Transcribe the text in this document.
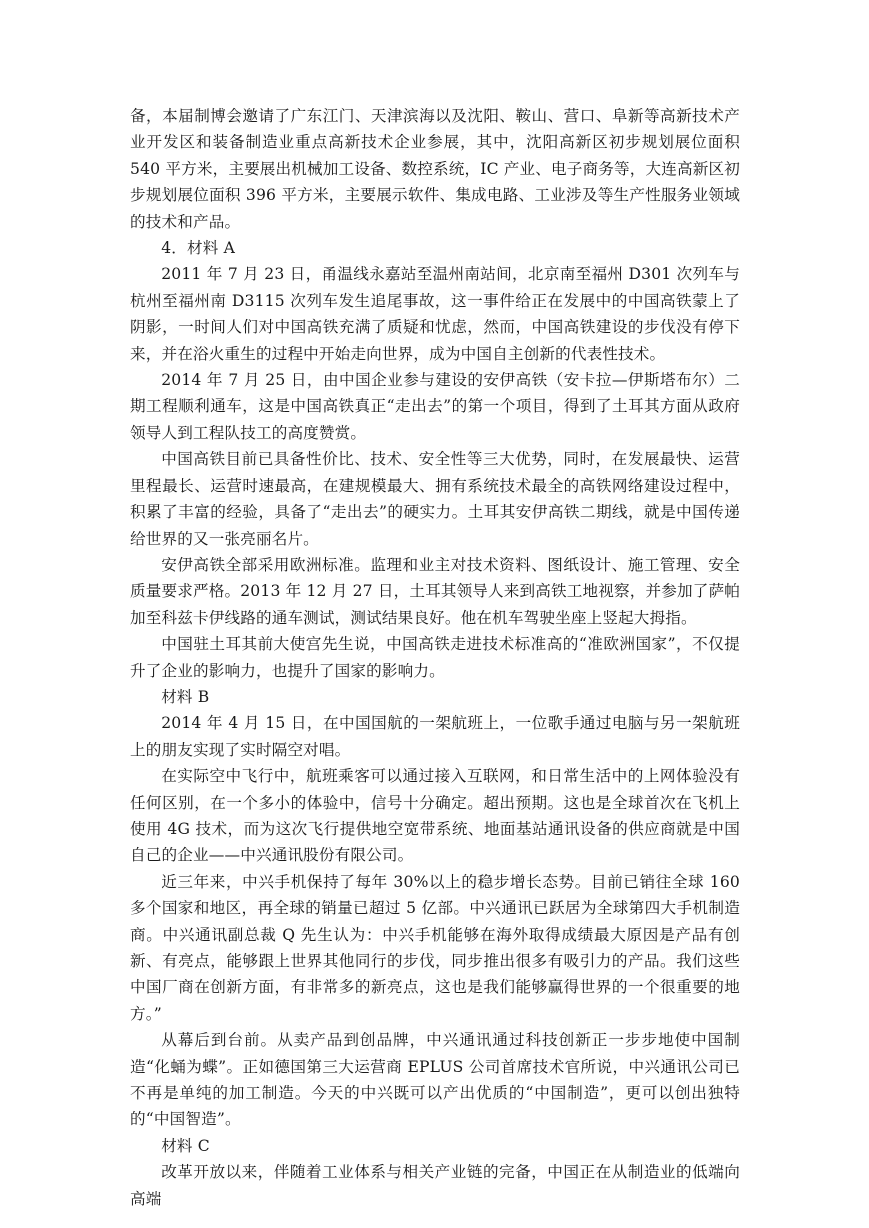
备，本届制博会邀请了广东江门、天津滨海以及沈阳、鞍山、营口、阜新等高新技术产业开发区和装备制造业重点高新技术企业参展，其中，沈阳高新区初步规划展位面积 540 平方米，主要展出机械加工设备、数控系统，IC 产业、电子商务等，大连高新区初步规划展位面积 396 平方米，主要展示软件、集成电路、工业涉及等生产性服务业领域的技术和产品。

4．材料 A

2011 年 7 月 23 日，甬温线永嘉站至温州南站间，北京南至福州 D301 次列车与杭州至福州南 D3115 次列车发生追尾事故，这一事件给正在发展中的中国高铁蒙上了阴影，一时间人们对中国高铁充满了质疑和忧虑，然而，中国高铁建设的步伐没有停下来，并在浴火重生的过程中开始走向世界，成为中国自主创新的代表性技术。

2014 年 7 月 25 日，由中国企业参与建设的安伊高铁（安卡拉—伊斯塔布尔）二期工程顺利通车，这是中国高铁真正“走出去”的第一个项目，得到了土耳其方面从政府领导人到工程队技工的高度赞赏。

中国高铁目前已具备性价比、技术、安全性等三大优势，同时，在发展最快、运营里程最长、运营时速最高，在建规模最大、拥有系统技术最全的高铁网络建设过程中，积累了丰富的经验，具备了“走出去”的硬实力。土耳其安伊高铁二期线，就是中国传递给世界的又一张亮丽名片。

安伊高铁全部采用欧洲标准。监理和业主对技术资料、图纸设计、施工管理、安全质量要求严格。2013 年 12 月 27 日，土耳其领导人来到高铁工地视察，并参加了萨帕加至科兹卡伊线路的通车测试，测试结果良好。他在机车驾驶坐座上竖起大拇指。

中国驻土耳其前大使宫先生说，中国高铁走进技术标准高的“准欧洲国家”，不仅提升了企业的影响力，也提升了国家的影响力。

材料 B

2014 年 4 月 15 日，在中国国航的一架航班上，一位歌手通过电脑与另一架航班上的朋友实现了实时隔空对唱。

在实际空中飞行中，航班乘客可以通过接入互联网，和日常生活中的上网体验没有任何区别，在一个多小的体验中，信号十分确定。超出预期。这也是全球首次在飞机上使用 4G 技术，而为这次飞行提供地空宽带系统、地面基站通讯设备的供应商就是中国自己的企业——中兴通讯股份有限公司。

近三年来，中兴手机保持了每年 30%以上的稳步增长态势。目前已销往全球 160 多个国家和地区，再全球的销量已超过 5 亿部。中兴通讯已跃居为全球第四大手机制造商。中兴通讯副总裁 Q 先生认为：中兴手机能够在海外取得成绩最大原因是产品有创新、有亮点，能够跟上世界其他同行的步伐，同步推出很多有吸引力的产品。我们这些中国厂商在创新方面，有非常多的新亮点，这也是我们能够赢得世界的一个很重要的地方。”

从幕后到台前。从卖产品到创品牌，中兴通讯通过科技创新正一步步地使中国制造“化蛹为蝶”。正如德国第三大运营商 EPLUS 公司首席技术官所说，中兴通讯公司已不再是单纯的加工制造。今天的中兴既可以产出优质的“中国制造”，更可以创出独特的“中国智造”。

材料 C

改革开放以来，伴随着工业体系与相关产业链的完备，中国正在从制造业的低端向高端
